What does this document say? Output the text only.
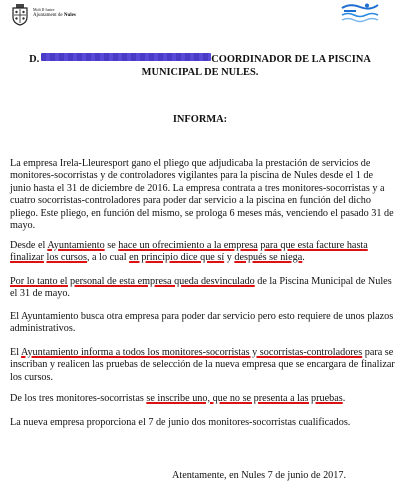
Molt Il·lustre
Ajuntament de Nules
D.	COORDINADOR DE LA PISCINA
MUNICIPAL DE NULES.
INFORMA:

La empresa Irela-Lleuresport gano el pliego que adjudicaba la prestación de servicios de monitores-socorristas y de controladores vigilantes para la piscina de Nules desde el 1 de junio hasta el 31 de diciembre de 2016. La empresa contrata a tres monitores-socorristas y a cuatro socorristas-controladores para poder dar servicio a la piscina en función del dicho pliego. Este pliego, en función del mismo, se prologa 6 meses más, venciendo el pasado 31 de mayo.

Desde el Ayuntamiento se hace un ofrecimiento a la empresa para que esta facture hasta finalizar los cursos, a lo cual en principio dice que sí y después se niega.

Por lo tanto el personal de esta empresa queda desvinculado de la Piscina Municipal de Nules el 31 de mayo.

El Ayuntamiento busca otra empresa para poder dar servicio pero esto requiere de unos plazos administrativos.

El Ayuntamiento informa a todos los monitores-socorristas y socorristas-controladores para se inscriban y realicen las pruebas de selección de la nueva empresa que se encargara de finalizar los cursos.

De los tres monitores-socorristas se inscribe uno, que no se presenta a las pruebas.

La nueva empresa proporciona el 7 de junio dos monitores-socorristas cualificados.

Atentamente, en Nules 7 de junio de 2017.
